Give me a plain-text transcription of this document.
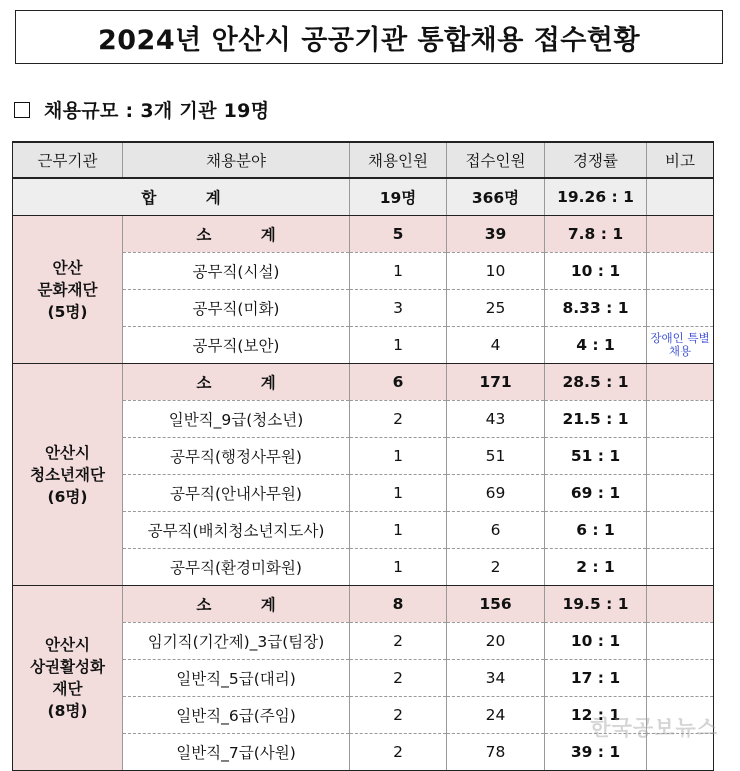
2024년 안산시 공공기관 통합채용 접수현황
채용규모 : 3개 기관 19명
근무기관	채용분야	채용인원	접수인원	경쟁률	비고
합 계		19명	366명	19.26 : 1	

안산
문화재단
(5명)	소 계	5	39	7.8 : 1	
	공무직(시설)	1	10	10 : 1	
	공무직(미화)	3	25	8.33 : 1	
	공무직(보안)	1	4	4 : 1	장애인 특별채용

안산시
청소년재단
(6명)	소 계	6	171	28.5 : 1	
	일반직_9급(청소년)	2	43	21.5 : 1	
	공무직(행정사무원)	1	51	51 : 1	
	공무직(안내사무원)	1	69	69 : 1	
	공무직(배치청소년지도사)	1	6	6 : 1	
	공무직(환경미화원)	1	2	2 : 1	

안산시
상권활성화
재단
(8명)	소 계	8	156	19.5 : 1	
	임기직(기간제)_3급(팀장)	2	20	10 : 1	
	일반직_5급(대리)	2	34	17 : 1	
	일반직_6급(주임)	2	24	12 : 1	
	일반직_7급(사원)	2	78	39 : 1	
한국공보뉴스
